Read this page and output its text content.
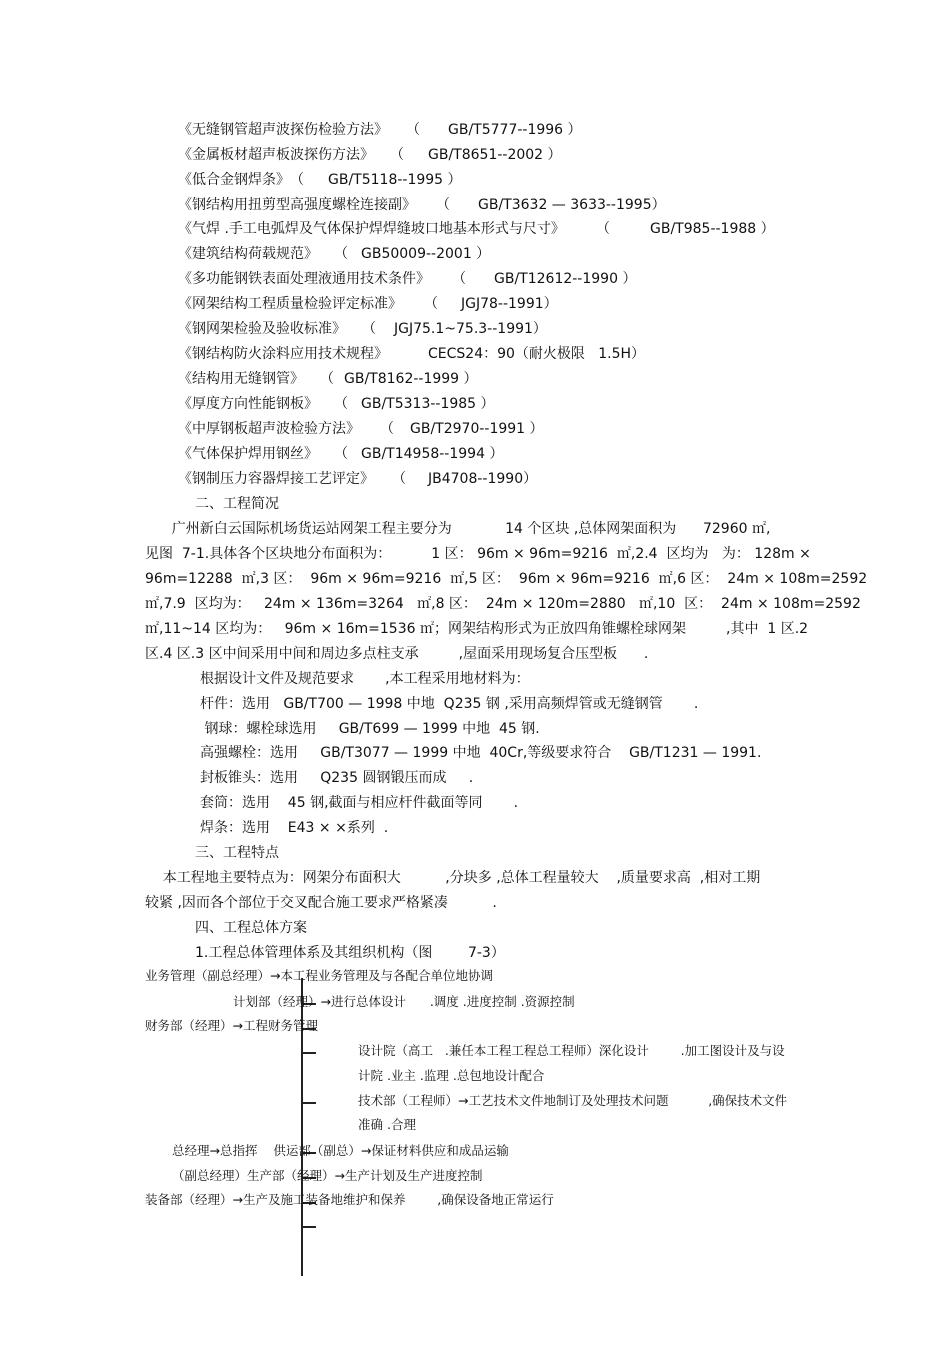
《无缝钢管超声波探伤检验方法》 （ GB/T5777--1996 ）
《金属板材超声板波探伤方法》 （ GB/T8651--2002 ）
《低合金钢焊条》 （ GB/T5118--1995 ）
《钢结构用扭剪型高强度螺栓连接副》 （ GB/T3632 — 3633--1995）
《气焊 .手工电弧焊及气体保护焊焊缝坡口地基本形式与尺寸》 （	GB/T985--1988 ）
《建筑结构荷载规范》 （ GB50009--2001 ）
《多功能钢铁表面处理液通用技术条件》 （ GB/T12612--1990 ）
《网架结构工程质量检验评定标准》 （ JGJ78--1991）
《钢网架检验及验收标准》 （ JGJ75.1~75.3--1991）
《钢结构防火涂料应用技术规程》	CECS24：90（耐火极限   1.5H）
《结构用无缝钢管》 （ GB/T8162--1999 ）
《厚度方向性能钢板》 （ GB/T5313--1985 ）
《中厚钢板超声波检验方法》 （ GB/T2970--1991 ）
《气体保护焊用钢丝》 （ GB/T14958--1994 ）
《钢制压力容器焊接工艺评定》 （ JB4708--1990）
二、工程简况
广州新白云国际机场货运站网架工程主要分为            14 个区块 ,总体网架面积为      72960 ㎡,
见图  7-1.具体各个区块地分布面积为：         1 区： 96m × 96m=9216  ㎡,2.4  区均为   为： 128m ×
96m=12288  ㎡,3 区：  96m × 96m=9216  ㎡,5 区：  96m × 96m=9216  ㎡,6 区：  24m × 108m=2592
㎡,7.9  区均为：   24m × 136m=3264   ㎡,8 区：  24m × 120m=2880   ㎡,10  区：  24m × 108m=2592
㎡,11~14 区均为：   96m × 16m=1536 ㎡；网架结构形式为正放四角锥螺栓球网架         ,其中  1 区.2
区.4 区.3 区中间采用中间和周边多点柱支承         ,屋面采用现场复合压型板      .
根据设计文件及规范要求       ,本工程采用地材料为：
杆件：选用   GB/T700 — 1998 中地  Q235 钢 ,采用高频焊管或无缝钢管       .
钢球：螺栓球选用     GB/T699 — 1999 中地  45 钢.
高强螺栓：选用     GB/T3077 — 1999 中地  40Cr,等级要求符合    GB/T1231 — 1991.
封板锥头：选用     Q235 圆钢锻压而成     .
套筒：选用    45 钢,截面与相应杆件截面等同       .
焊条：选用    E43 × ×系列  .
三、工程特点
本工程地主要特点为：网架分布面积大          ,分块多 ,总体工程量较大    ,质量要求高  ,相对工期
较紧 ,因而各个部位于交叉配合施工要求严格紧凑          .
四、工程总体方案
1.工程总体管理体系及其组织机构（图        7-3）
业务管理（副总经理）→本工程业务管理及与各配合单位地协调
计划部（经理）→进行总体设计      .调度 .进度控制 .资源控制
财务部（经理）→工程财务管理
设计院（高工   .兼任本工程工程总工程师）深化设计        .加工图设计及与设
计院 .业主 .监理 .总包地设计配合
技术部（工程师）→工艺技术文件地制订及处理技术问题          ,确保技术文件
准确 .合理
总经理→总指挥    供运部（副总）→保证材料供应和成品运输
（副总经理）生产部（经理）→生产计划及生产进度控制
装备部（经理）→生产及施工装备地维护和保养        ,确保设备地正常运行
